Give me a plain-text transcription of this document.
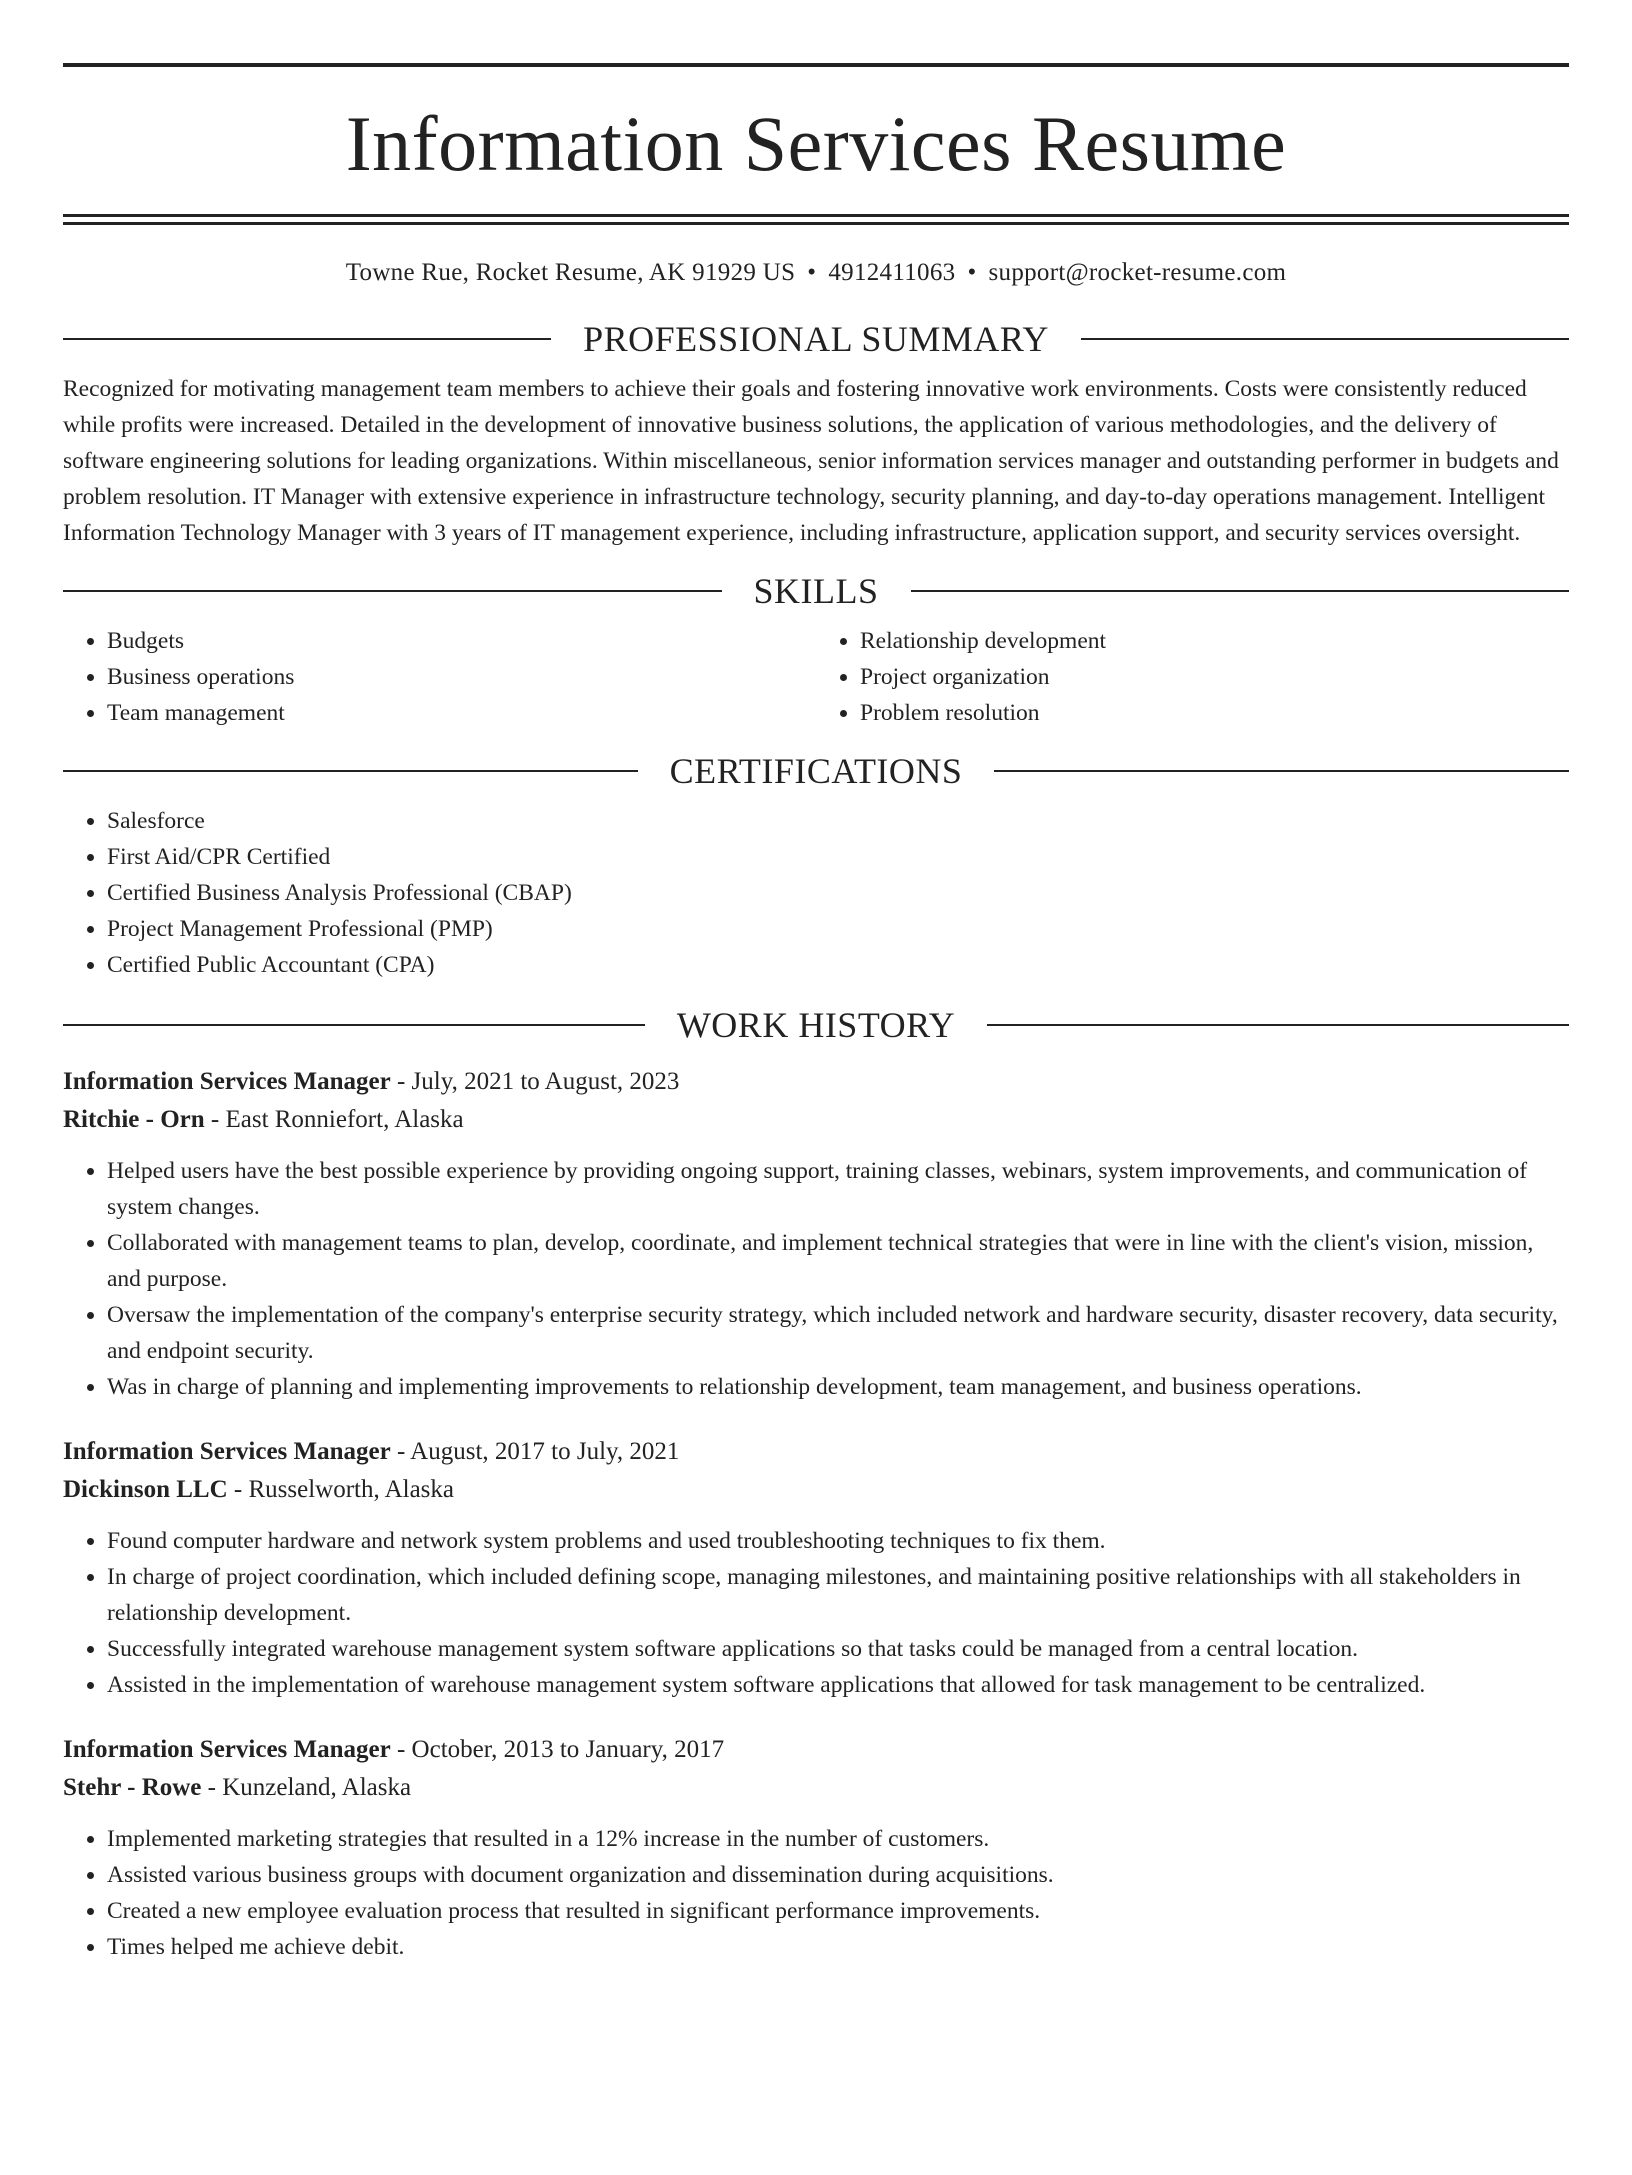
Information Services Resume
Towne Rue, Rocket Resume, AK 91929 US • 4912411063 • support@rocket-resume.com
PROFESSIONAL SUMMARY
Recognized for motivating management team members to achieve their goals and fostering innovative work environments. Costs were consistently reduced while profits were increased. Detailed in the development of innovative business solutions, the application of various methodologies, and the delivery of software engineering solutions for leading organizations. Within miscellaneous, senior information services manager and outstanding performer in budgets and problem resolution. IT Manager with extensive experience in infrastructure technology, security planning, and day-to-day operations management. Intelligent Information Technology Manager with 3 years of IT management experience, including infrastructure, application support, and security services oversight.
SKILLS
• Budgets
• Business operations
• Team management
• Relationship development
• Project organization
• Problem resolution
CERTIFICATIONS
• Salesforce
• First Aid/CPR Certified
• Certified Business Analysis Professional (CBAP)
• Project Management Professional (PMP)
• Certified Public Accountant (CPA)
WORK HISTORY
Information Services Manager - July, 2021 to August, 2023
Ritchie - Orn - East Ronniefort, Alaska
• Helped users have the best possible experience by providing ongoing support, training classes, webinars, system improvements, and communication of system changes.
• Collaborated with management teams to plan, develop, coordinate, and implement technical strategies that were in line with the client's vision, mission, and purpose.
• Oversaw the implementation of the company's enterprise security strategy, which included network and hardware security, disaster recovery, data security, and endpoint security.
• Was in charge of planning and implementing improvements to relationship development, team management, and business operations.
Information Services Manager - August, 2017 to July, 2021
Dickinson LLC - Russelworth, Alaska
• Found computer hardware and network system problems and used troubleshooting techniques to fix them.
• In charge of project coordination, which included defining scope, managing milestones, and maintaining positive relationships with all stakeholders in relationship development.
• Successfully integrated warehouse management system software applications so that tasks could be managed from a central location.
• Assisted in the implementation of warehouse management system software applications that allowed for task management to be centralized.
Information Services Manager - October, 2013 to January, 2017
Stehr - Rowe - Kunzeland, Alaska
• Implemented marketing strategies that resulted in a 12% increase in the number of customers.
• Assisted various business groups with document organization and dissemination during acquisitions.
• Created a new employee evaluation process that resulted in significant performance improvements.
• Times helped me achieve debit.
